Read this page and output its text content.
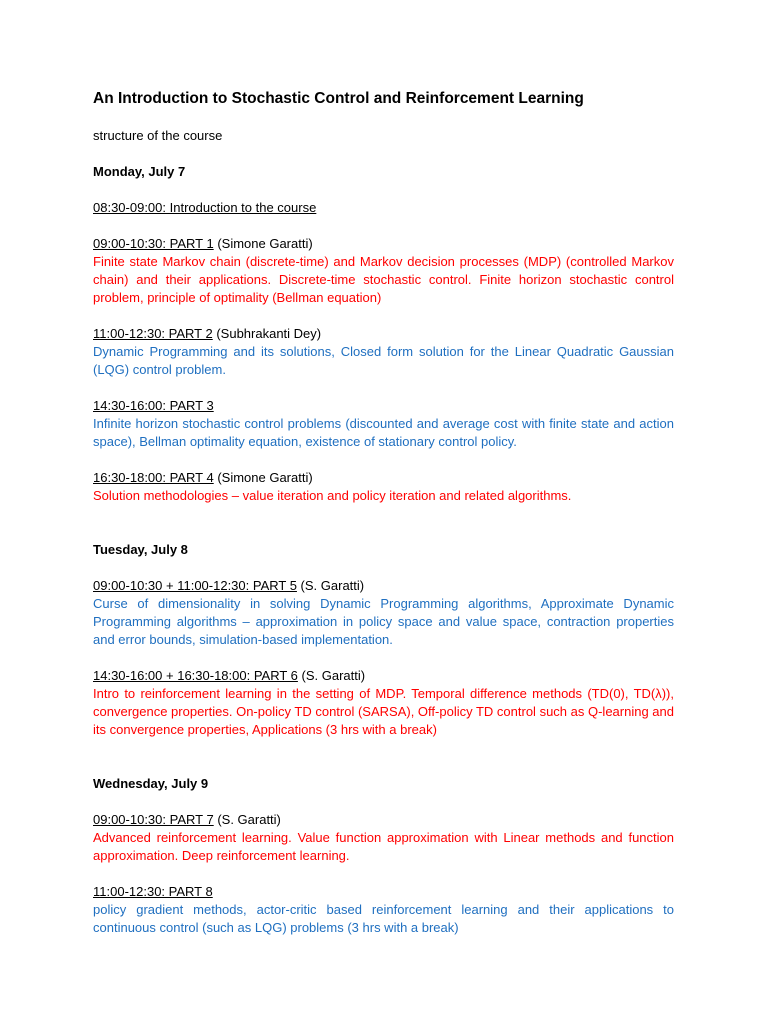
An Introduction to Stochastic Control and Reinforcement Learning

structure of the course

Monday, July 7

08:30-09:00: Introduction to the course

09:00-10:30: PART 1 (Simone Garatti)

Finite state Markov chain (discrete-time) and Markov decision processes (MDP) (controlled Markov chain) and their applications. Discrete-time stochastic control. Finite horizon stochastic control problem, principle of optimality (Bellman equation)

11:00-12:30: PART 2 (Subhrakanti Dey)

Dynamic Programming and its solutions, Closed form solution for the Linear Quadratic Gaussian (LQG) control problem.

14:30-16:00: PART 3

Infinite horizon stochastic control problems (discounted and average cost with finite state and action space), Bellman optimality equation, existence of stationary control policy.

16:30-18:00: PART 4 (Simone Garatti)

Solution methodologies – value iteration and policy iteration and related algorithms.

Tuesday, July 8

09:00-10:30 + 11:00-12:30: PART 5 (S. Garatti)

Curse of dimensionality in solving Dynamic Programming algorithms, Approximate Dynamic Programming algorithms – approximation in policy space and value space, contraction properties and error bounds, simulation-based implementation.

14:30-16:00 + 16:30-18:00: PART 6 (S. Garatti)

Intro to reinforcement learning in the setting of MDP. Temporal difference methods (TD(0), TD(λ)), convergence properties. On-policy TD control (SARSA), Off-policy TD control such as Q-learning and its convergence properties, Applications (3 hrs with a break)

Wednesday, July 9

09:00-10:30: PART 7 (S. Garatti)

Advanced reinforcement learning. Value function approximation with Linear methods and function approximation. Deep reinforcement learning.

11:00-12:30: PART 8

policy gradient methods, actor-critic based reinforcement learning and their applications to continuous control (such as LQG) problems (3 hrs with a break)
